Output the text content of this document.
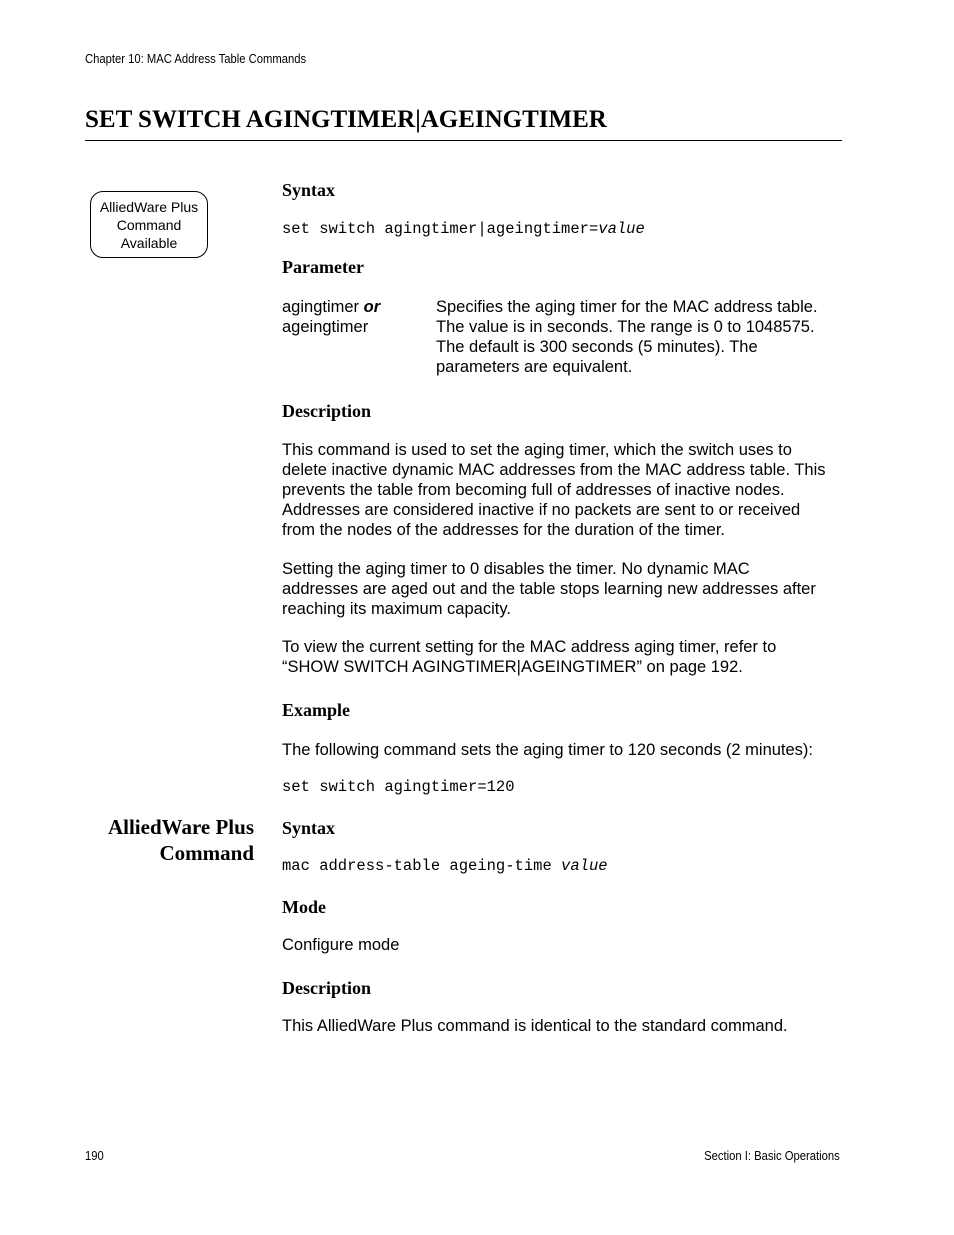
Chapter 10: MAC Address Table Commands
SET SWITCH AGINGTIMER|AGEINGTIMER
AlliedWare Plus
Command
Available
Syntax
set switch agingtimer|ageingtimer=value
Parameter
agingtimer or
ageingtimer
Specifies the aging timer for the MAC address table.
The value is in seconds. The range is 0 to 1048575.
The default is 300 seconds (5 minutes). The
parameters are equivalent.
Description
This command is used to set the aging timer, which the switch uses to
delete inactive dynamic MAC addresses from the MAC address table. This
prevents the table from becoming full of addresses of inactive nodes.
Addresses are considered inactive if no packets are sent to or received
from the nodes of the addresses for the duration of the timer.
Setting the aging timer to 0 disables the timer. No dynamic MAC
addresses are aged out and the table stops learning new addresses after
reaching its maximum capacity.
To view the current setting for the MAC address aging timer, refer to
“SHOW SWITCH AGINGTIMER|AGEINGTIMER” on page 192.
Example
The following command sets the aging timer to 120 seconds (2 minutes):
set switch agingtimer=120
AlliedWare Plus
Command
Syntax
mac address-table ageing-time value
Mode
Configure mode
Description
This AlliedWare Plus command is identical to the standard command.
190	Section I: Basic Operations
